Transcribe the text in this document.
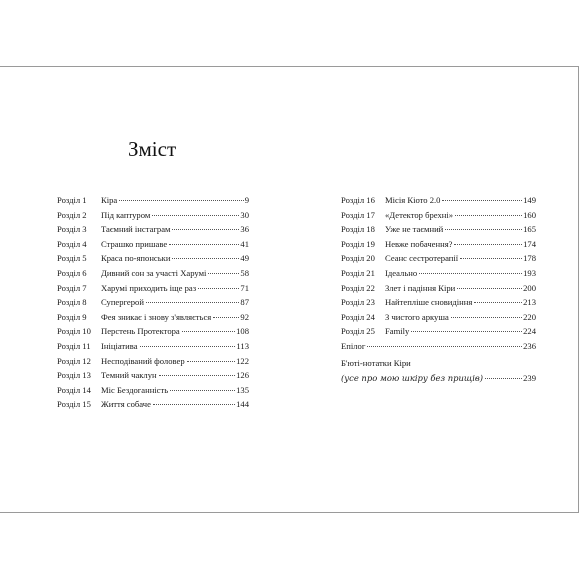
Зміст
Розділ 1	Кіра	9
Розділ 2	Під каптуром	30
Розділ 3	Таємний інстаграм	36
Розділ 4	Страшко пришаве	41
Розділ 5	Краса по-японськи	49
Розділ 6	Дивний сон за участі Харумі	58
Розділ 7	Харумі приходить іще раз	71
Розділ 8	Супергерой	87
Розділ 9	Фея зникає і знову з'являється	92
Розділ 10	Перстень Протектора	108
Розділ 11	Ініціатива	113
Розділ 12	Несподіваний фоловер	122
Розділ 13	Темний чаклун	126
Розділ 14	Міс Бездоганність	135
Розділ 15	Життя собаче	144
Розділ 16	Місія Кіото 2.0	149
Розділ 17	«Детектор брехні»	160
Розділ 18	Уже не таємний	165
Розділ 19	Невже побачення?	174
Розділ 20	Сеанс сестротерапії	178
Розділ 21	Ідеально	193
Розділ 22	Злет і падіння Кіри	200
Розділ 23	Найтепліше сновидіння	213
Розділ 24	З чистого аркуша	220
Розділ 25	Family	224
Епілог	236
Б'юті-нотатки Кіри
(усе про мою шкіру без прищів)	239
